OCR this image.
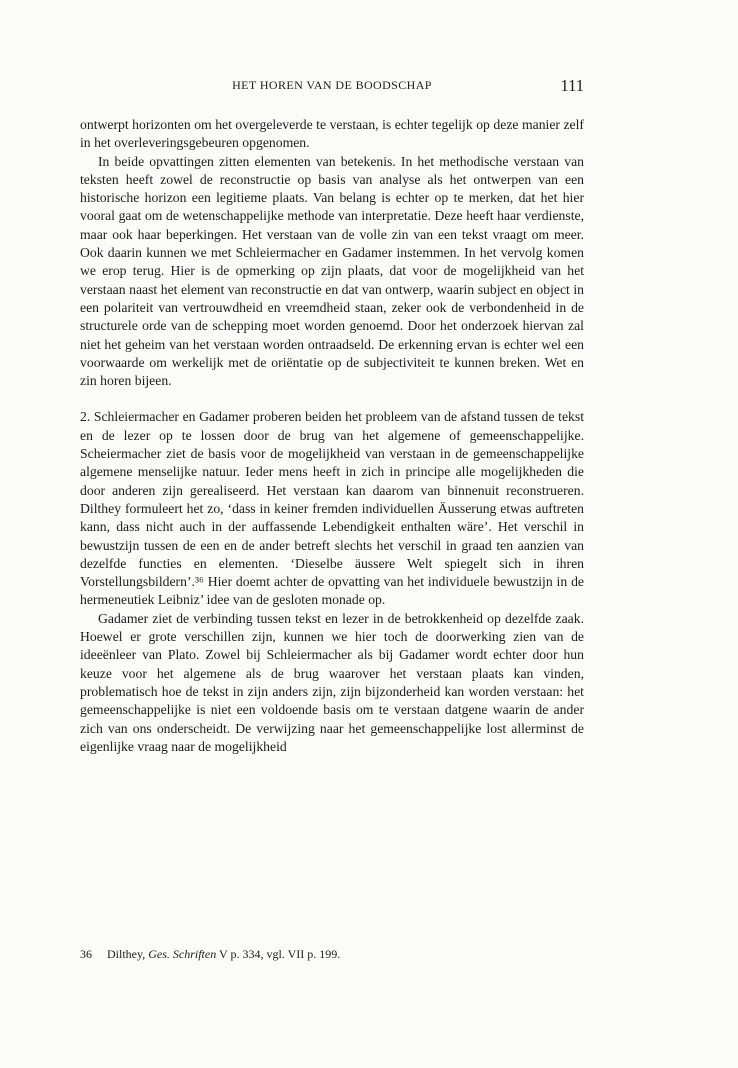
HET HOREN VAN DE BOODSCHAP	111

ontwerpt horizonten om het overgeleverde te verstaan, is echter tegelijk op deze manier zelf in het overleveringsgebeuren opgenomen.

In beide opvattingen zitten elementen van betekenis. In het methodische verstaan van teksten heeft zowel de reconstructie op basis van analyse als het ontwerpen van een historische horizon een legitieme plaats. Van belang is echter op te merken, dat het hier vooral gaat om de wetenschappelijke methode van interpretatie. Deze heeft haar verdienste, maar ook haar beperkingen. Het verstaan van de volle zin van een tekst vraagt om meer. Ook daarin kunnen we met Schleiermacher en Gadamer instemmen. In het vervolg komen we erop terug. Hier is de opmerking op zijn plaats, dat voor de mogelijkheid van het verstaan naast het element van reconstructie en dat van ontwerp, waarin subject en object in een polariteit van vertrouwdheid en vreemdheid staan, zeker ook de verbondenheid in de structurele orde van de schepping moet worden genoemd. Door het onderzoek hiervan zal niet het geheim van het verstaan worden ontraadseld. De erkenning ervan is echter wel een voorwaarde om werkelijk met de oriëntatie op de subjectiviteit te kunnen breken. Wet en zin horen bijeen.

2. Schleiermacher en Gadamer proberen beiden het probleem van de afstand tussen de tekst en de lezer op te lossen door de brug van het algemene of gemeenschappelijke. Scheiermacher ziet de basis voor de mogelijkheid van verstaan in de gemeenschappelijke algemene menselijke natuur. Ieder mens heeft in zich in principe alle mogelijkheden die door anderen zijn gerealiseerd. Het verstaan kan daarom van binnenuit reconstrueren. Dilthey formuleert het zo, ‘dass in keiner fremden individuellen Äusserung etwas auftreten kann, dass nicht auch in der auffassende Lebendigkeit enthalten wäre’. Het verschil in bewustzijn tussen de een en de ander betreft slechts het verschil in graad ten aanzien van dezelfde functies en elementen. ‘Dieselbe äussere Welt spiegelt sich in ihren Vorstellungsbildern’.³⁶ Hier doemt achter de opvatting van het individuele bewustzijn in de hermeneutiek Leibniz’ idee van de gesloten monade op.

Gadamer ziet de verbinding tussen tekst en lezer in de betrokkenheid op dezelfde zaak. Hoewel er grote verschillen zijn, kunnen we hier toch de doorwerking zien van de ideeënleer van Plato. Zowel bij Schleiermacher als bij Gadamer wordt echter door hun keuze voor het algemene als de brug waarover het verstaan plaats kan vinden, problematisch hoe de tekst in zijn anders zijn, zijn bijzonderheid kan worden verstaan: het gemeenschappelijke is niet een voldoende basis om te verstaan datgene waarin de ander zich van ons onderscheidt. De verwijzing naar het gemeenschappelijke lost allerminst de eigenlijke vraag naar de mogelijkheid

36 Dilthey, Ges. Schriften V p. 334, vgl. VII p. 199.
